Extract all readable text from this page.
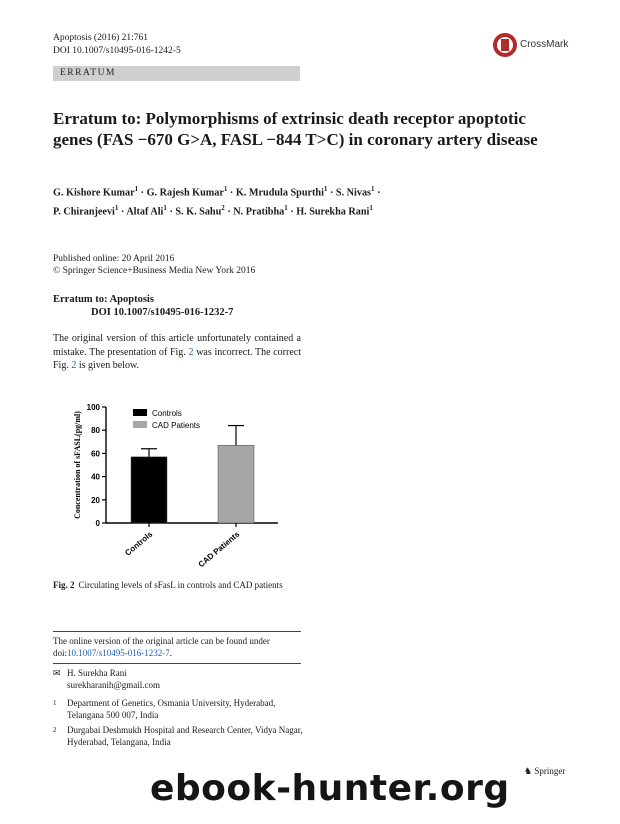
Apoptosis (2016) 21:761
DOI 10.1007/s10495-016-1242-5
CrossMark
ERRATUM
Erratum to: Polymorphisms of extrinsic death receptor apoptotic genes (FAS −670 G>A, FASL −844 T>C) in coronary artery disease
G. Kishore Kumar$^1$ · G. Rajesh Kumar$^1$ · K. Mrudula Spurthi$^1$ · S. Nivas$^1$ ·
P. Chiranjeevi$^1$ · Altaf Ali$^1$ · S. K. Sahu$^2$ · N. Pratibha$^1$ · H. Surekha Rani$^1$
Published online: 20 April 2016
© Springer Science+Business Media New York 2016
Erratum to: Apoptosis
DOI 10.1007/s10495-016-1232-7
The original version of this article unfortunately contained a mistake. The presentation of Fig. 2 was incorrect. The correct Fig. 2 is given below.
0
20
40
60
80
100
Concentration of sFASL(pg/ml)
Controls	CAD Patients
Controls
CAD Patients
Fig. 2 Circulating levels of sFasL in controls and CAD patients
The online version of the original article can be found under doi:10.1007/s10495-016-1232-7.
✉ H. Surekha Rani
surekharanih@gmail.com
1	Department of Genetics, Osmania University, Hyderabad, Telangana 500 007, India
2	Durgabai Deshmukh Hospital and Research Center, Vidya Nagar, Hyderabad, Telangana, India
♞ Springer
ebook-hunter.org
